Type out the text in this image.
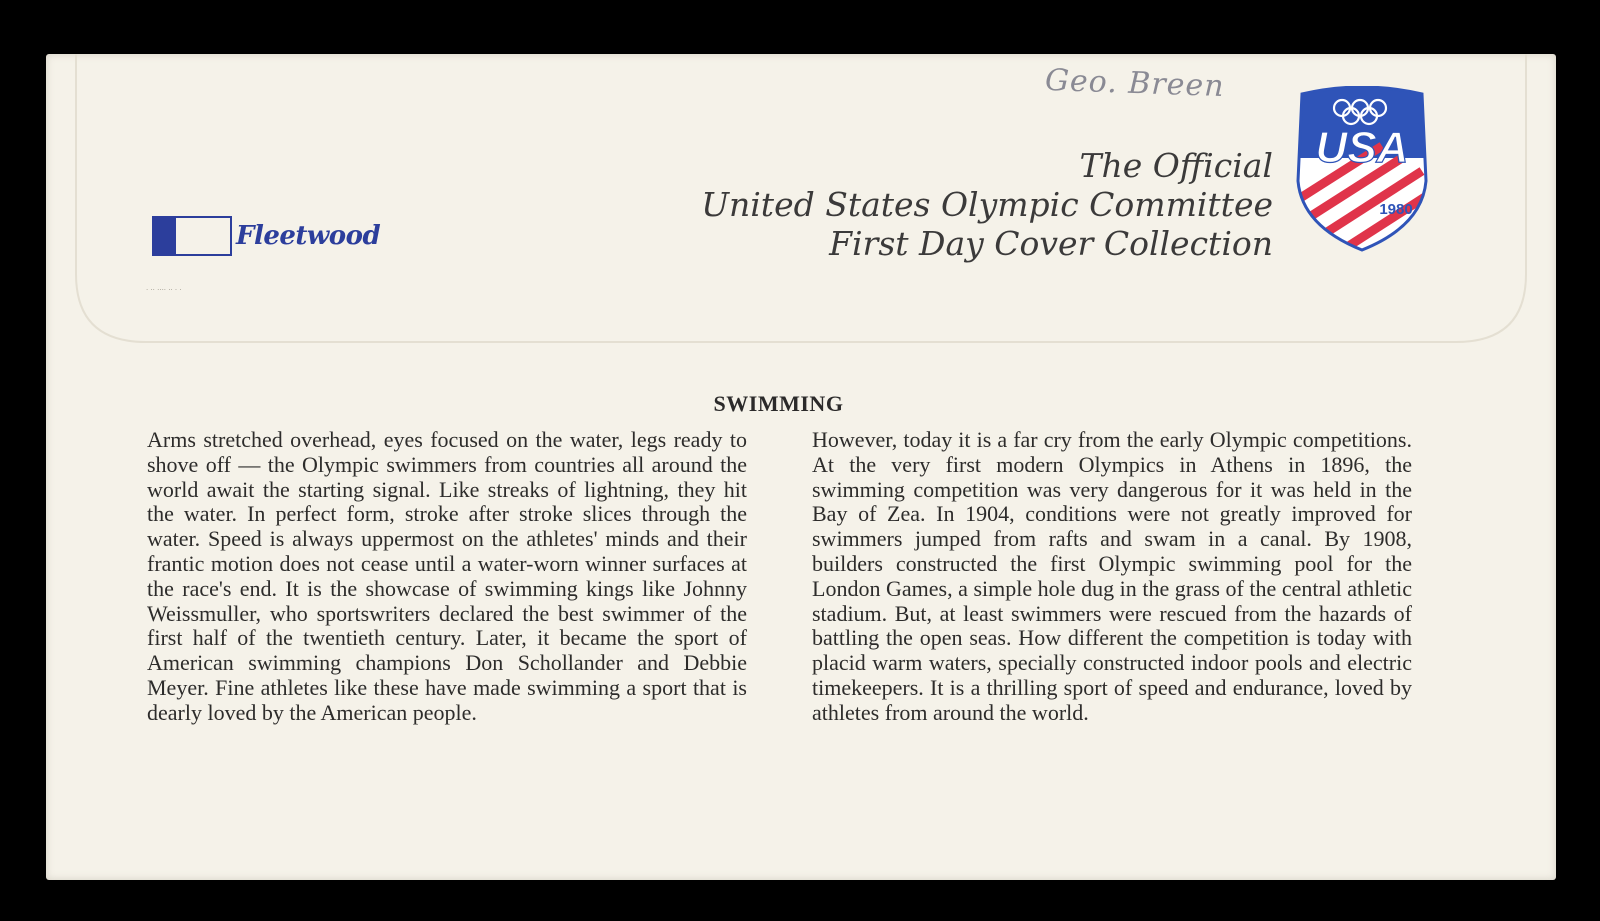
Geo. Breen
The Official
United States Olympic Committee
First Day Cover Collection
USA
1980
Fleetwood
· ·· ···· ·· · ·
SWIMMING

Arms stretched overhead, eyes focused on the water, legs ready to shove off — the Olympic swimmers from countries all around the world await the starting signal. Like streaks of lightning, they hit the water. In perfect form, stroke after stroke slices through the water. Speed is always uppermost on the athletes' minds and their frantic motion does not cease until a water-worn winner surfaces at the race's end. It is the showcase of swimming kings like Johnny Weissmuller, who sportswriters declared the best swimmer of the first half of the twentieth century. Later, it became the sport of American swimming champions Don Schollander and Debbie Meyer. Fine athletes like these have made swimming a sport that is dearly loved by the American people.

However, today it is a far cry from the early Olympic competitions. At the very first modern Olympics in Athens in 1896, the swimming competition was very dangerous for it was held in the Bay of Zea. In 1904, conditions were not greatly improved for swimmers jumped from rafts and swam in a canal. By 1908, builders constructed the first Olympic swimming pool for the London Games, a simple hole dug in the grass of the central athletic stadium. But, at least swimmers were rescued from the hazards of battling the open seas. How different the competition is today with placid warm waters, specially constructed indoor pools and electric timekeepers. It is a thrilling sport of speed and endurance, loved by athletes from around the world.
